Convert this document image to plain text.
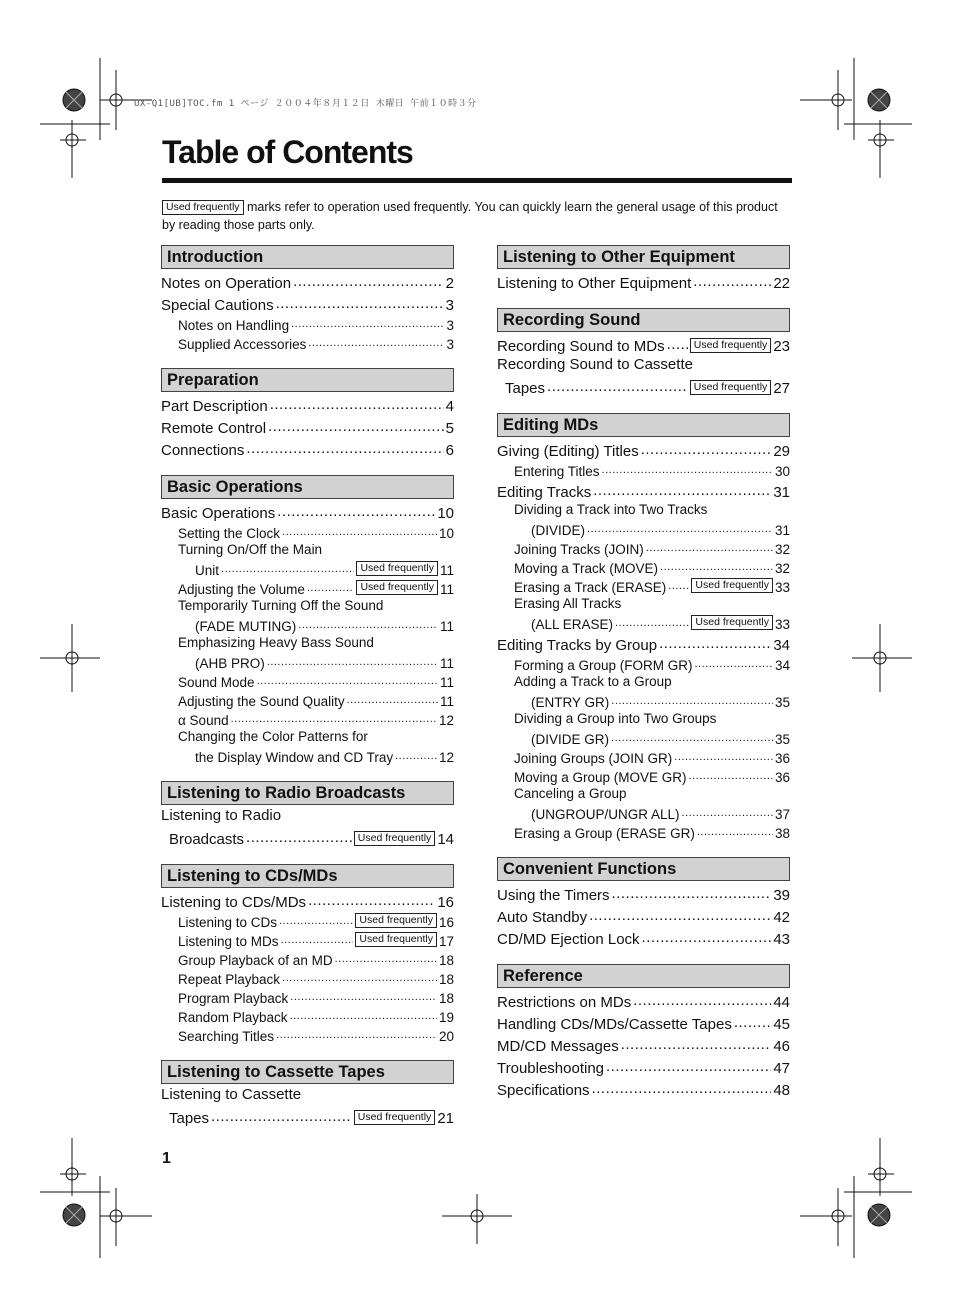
UX-Q1[UB]TOC.fm 1 ページ ２００４年８月１２日 木曜日 午前１０時３分
Table of Contents
Used frequently marks refer to operation used frequently. You can quickly learn the general usage of this product by reading those parts only.
Introduction
Notes on Operation .....	2
Special Cautions .....	3
Notes on Handling .....	3
Supplied Accessories .....	3
Preparation
Part Description .....	4
Remote Control .....	5
Connections .....	6
Basic Operations
Basic Operations .....	10
Setting the Clock .....	10
Turning On/Off the Main
Unit .....	Used frequently 11
Adjusting the Volume .....	Used frequently 11
Temporarily Turning Off the Sound
(FADE MUTING) .....	11
Emphasizing Heavy Bass Sound
(AHB PRO) .....	11
Sound Mode .....	11
Adjusting the Sound Quality .....	11
α Sound .....	12
Changing the Color Patterns for
the Display Window and CD Tray .....	12
Listening to Radio Broadcasts
Listening to Radio
Broadcasts .....	Used frequently 14
Listening to CDs/MDs
Listening to CDs/MDs .....	16
Listening to CDs .....	Used frequently 16
Listening to MDs .....	Used frequently 17
Group Playback of an MD .....	18
Repeat Playback .....	18
Program Playback .....	18
Random Playback .....	19
Searching Titles .....	20
Listening to Cassette Tapes
Listening to Cassette
Tapes .....	Used frequently 21
Listening to Other Equipment
Listening to Other Equipment .....	22
Recording Sound
Recording Sound to MDs .....	Used frequently 23
Recording Sound to Cassette
Tapes .....	Used frequently 27
Editing MDs
Giving (Editing) Titles .....	29
Entering Titles .....	30
Editing Tracks .....	31
Dividing a Track into Two Tracks
(DIVIDE) .....	31
Joining Tracks (JOIN) .....	32
Moving a Track (MOVE) .....	32
Erasing a Track (ERASE) .....	Used frequently 33
Erasing All Tracks
(ALL ERASE) .....	Used frequently 33
Editing Tracks by Group .....	34
Forming a Group (FORM GR) .....	34
Adding a Track to a Group
(ENTRY GR) .....	35
Dividing a Group into Two Groups
(DIVIDE GR) .....	35
Joining Groups (JOIN GR) .....	36
Moving a Group (MOVE GR) .....	36
Canceling a Group
(UNGROUP/UNGR ALL) .....	37
Erasing a Group (ERASE GR) .....	38
Convenient Functions
Using the Timers .....	39
Auto Standby .....	42
CD/MD Ejection Lock .....	43
Reference
Restrictions on MDs .....	44
Handling CDs/MDs/Cassette Tapes .....	45
MD/CD Messages .....	46
Troubleshooting .....	47
Specifications .....	48
1
